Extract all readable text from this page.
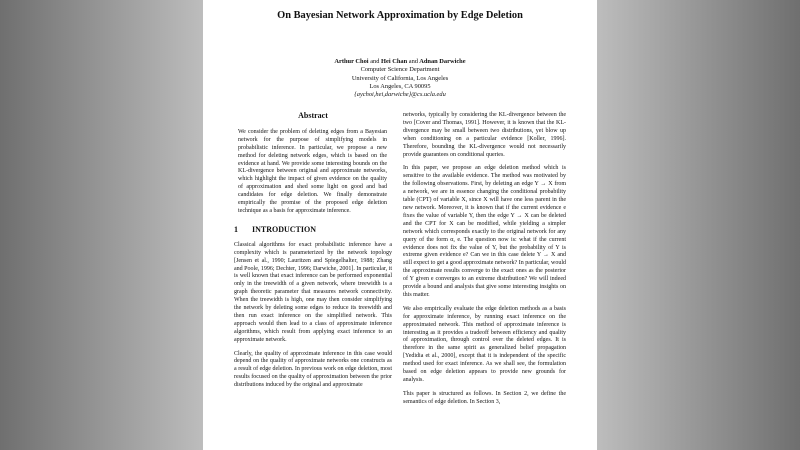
On Bayesian Network Approximation by Edge Deletion
Arthur Choi and Hei Chan and Adnan Darwiche
Computer Science Department
University of California, Los Angeles
Los Angeles, CA 90095
{aychoi,hei,darwiche}@cs.ucla.edu
Abstract
We consider the problem of deleting edges from a Bayesian network for the purpose of simplifying models in probabilistic inference. In particular, we propose a new method for deleting network edges, which is based on the evidence at hand. We provide some interesting bounds on the KL-divergence between original and approximate networks, which highlight the impact of given evidence on the quality of approximation and shed some light on good and bad candidates for edge deletion. We finally demonstrate empirically the promise of the proposed edge deletion technique as a basis for approximate inference.
1 INTRODUCTION

Classical algorithms for exact probabilistic inference have a complexity which is parameterized by the network topology [Jensen et al., 1990; Lauritzen and Spiegelhalter, 1988; Zhang and Poole, 1996; Dechter, 1996; Darwiche, 2001]. In particular, it is well known that exact inference can be performed exponential only in the treewidth of a given network, where treewidth is a graph theoretic parameter that measures network connectivity. When the treewidth is high, one may then consider simplifying the network by deleting some edges to reduce its treewidth and then run exact inference on the simplified network. This approach would then lead to a class of approximate inference algorithms, which result from applying exact inference to an approximate network.

Clearly, the quality of approximate inference in this case would depend on the quality of approximate networks one constructs as a result of edge deletion. In previous work on edge deletion, most results focused on the quality of approximation between the prior distributions induced by the original and approximate

networks, typically by considering the KL-divergence between the two [Cover and Thomas, 1991]. However, it is known that the KL-divergence may be small between two distributions, yet blow up when conditioning on a particular evidence [Koller, 1996]. Therefore, bounding the KL-divergence would not necessarily provide guarantees on conditional queries.

In this paper, we propose an edge deletion method which is sensitive to the available evidence. The method was motivated by the following observations. First, by deleting an edge Y → X from a network, we are in essence changing the conditional probability table (CPT) of variable X, since X will have one less parent in the new network. Moreover, it is known that if the current evidence e fixes the value of variable Y, then the edge Y → X can be deleted and the CPT for X can be modified, while yielding a simpler network which corresponds exactly to the original network for any query of the form α, e. The question now is: what if the current evidence does not fix the value of Y, but the probability of Y is extreme given evidence e? Can we in this case delete Y → X and still expect to get a good approximate network? In particular, would the approximate results converge to the exact ones as the posterior of Y given e converges to an extreme distribution? We will indeed provide a bound and analysis that give some interesting insights on this matter.

We also empirically evaluate the edge deletion methods as a basis for approximate inference, by running exact inference on the approximated network. This method of approximate inference is interesting as it provides a tradeoff between efficiency and quality of approximation, through control over the deleted edges. It is therefore in the same spirit as generalized belief propagation [Yedidia et al., 2000], except that it is independent of the specific method used for exact inference. As we shall see, the formulation based on edge deletion appears to provide new grounds for analysis.

This paper is structured as follows. In Section 2, we define the semantics of edge deletion. In Section 3,
